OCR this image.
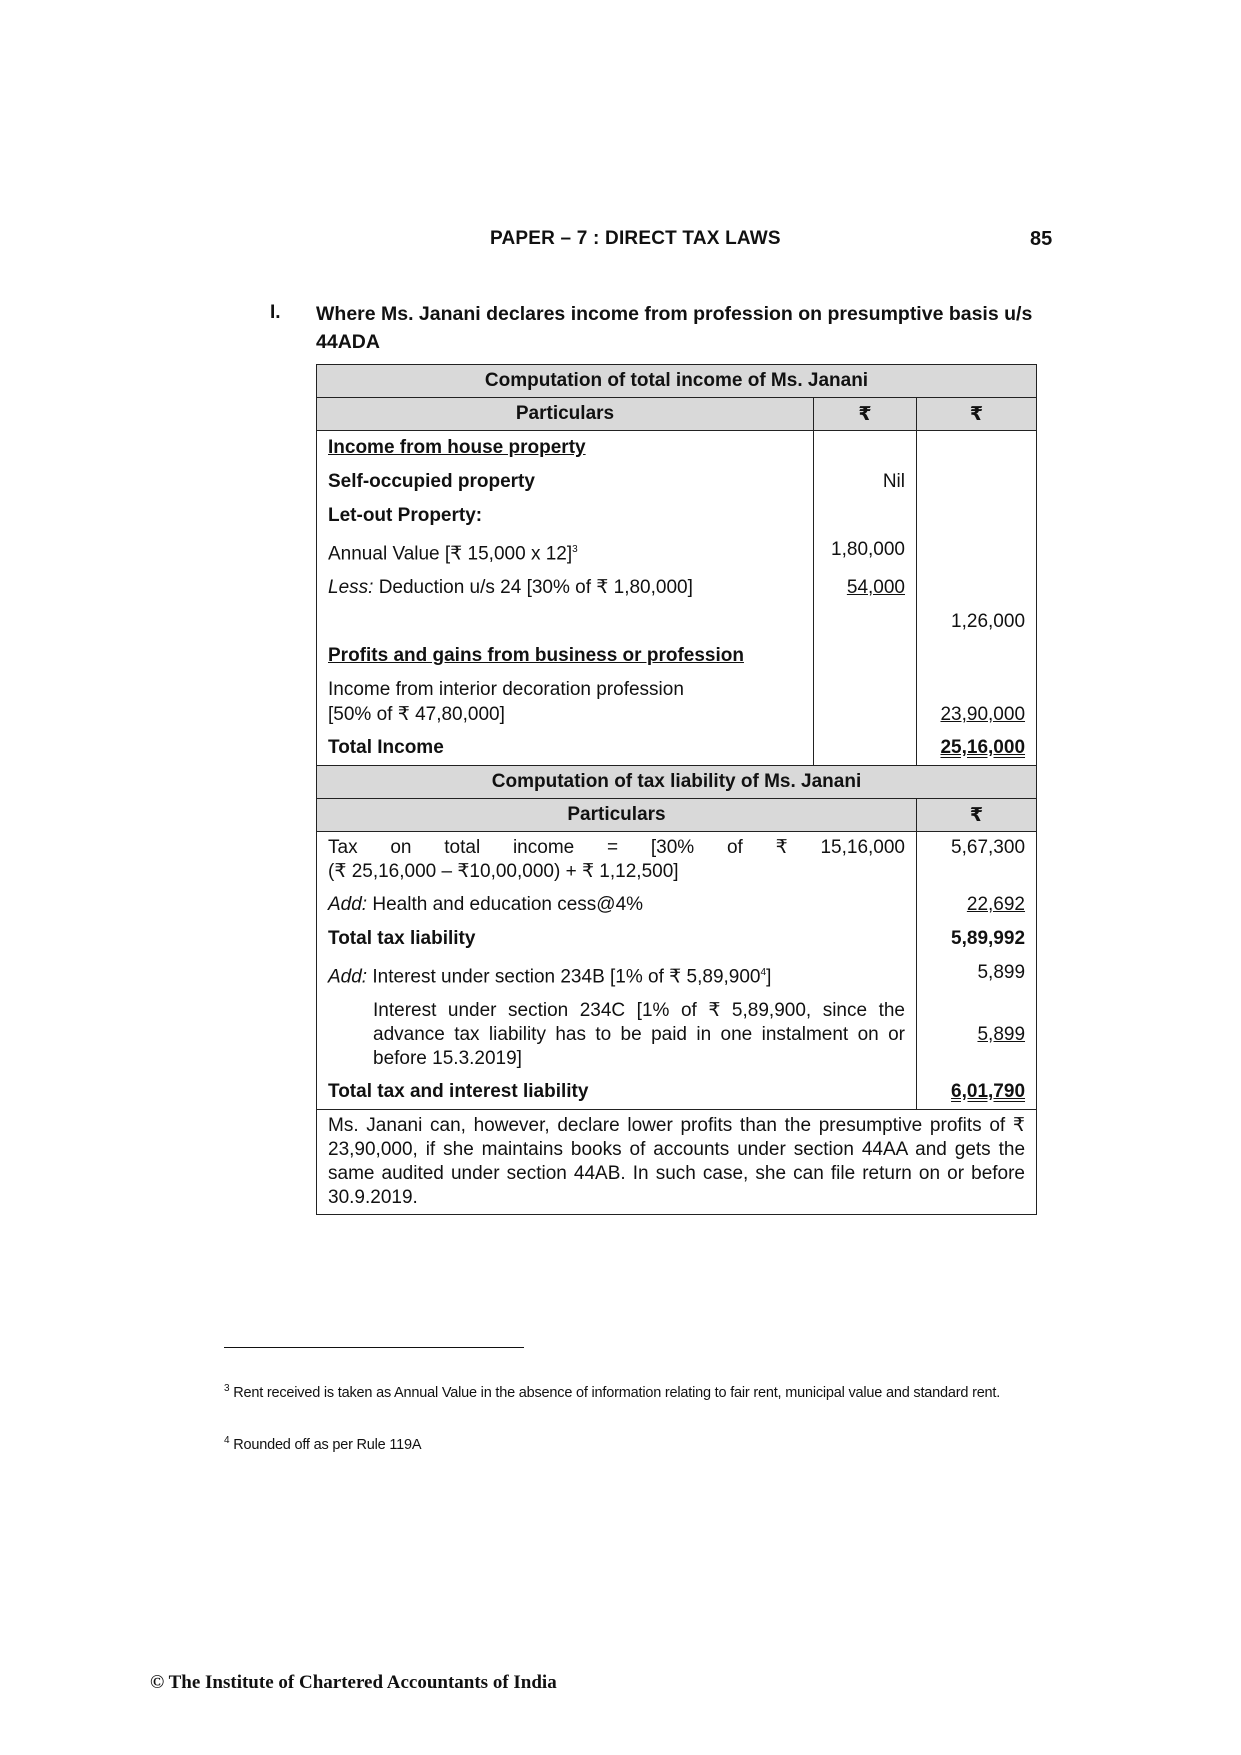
PAPER – 7 : DIRECT TAX LAWS	85
I. Where Ms. Janani declares income from profession on presumptive basis u/s 44ADA
Computation of total income of Ms. Janani		
Particulars	₹	₹
Income from house property		
Self-occupied property	Nil	
Let-out Property:		
Annual Value [₹ 15,000 x 12]$^3$	1,80,000	
Less: Deduction u/s 24 [30% of ₹ 1,80,000]	54,000	
		1,26,000
Profits and gains from business or profession		

Income from interior decoration profession
[50% of ₹ 47,80,000]		23,90,000
Total Income		25,16,000
Computation of tax liability of Ms. Janani		
Particulars		₹

Tax on total income = [30% of ₹ 15,16,000
(₹ 25,16,000 – ₹10,00,000) + ₹ 1,12,500]		5,67,300
Add: Health and education cess@4%		22,692
Total tax liability		5,89,992
Add: Interest under section 234B [1% of ₹ 5,89,900$^4$]		5,899
Interest under section 234C [1% of ₹ 5,89,900, since the advance tax liability has to be paid in one instalment on or before 15.3.2019]		5,899
Total tax and interest liability		6,01,790
Ms. Janani can, however, declare lower profits than the presumptive profits of ₹ 23,90,000, if she maintains books of accounts under section 44AA and gets the same audited under section 44AB. In such case, she can file return on or before 30.9.2019.		
$^3$ Rent received is taken as Annual Value in the absence of information relating to fair rent, municipal value and standard rent.
$^4$ Rounded off as per Rule 119A
© The Institute of Chartered Accountants of India
